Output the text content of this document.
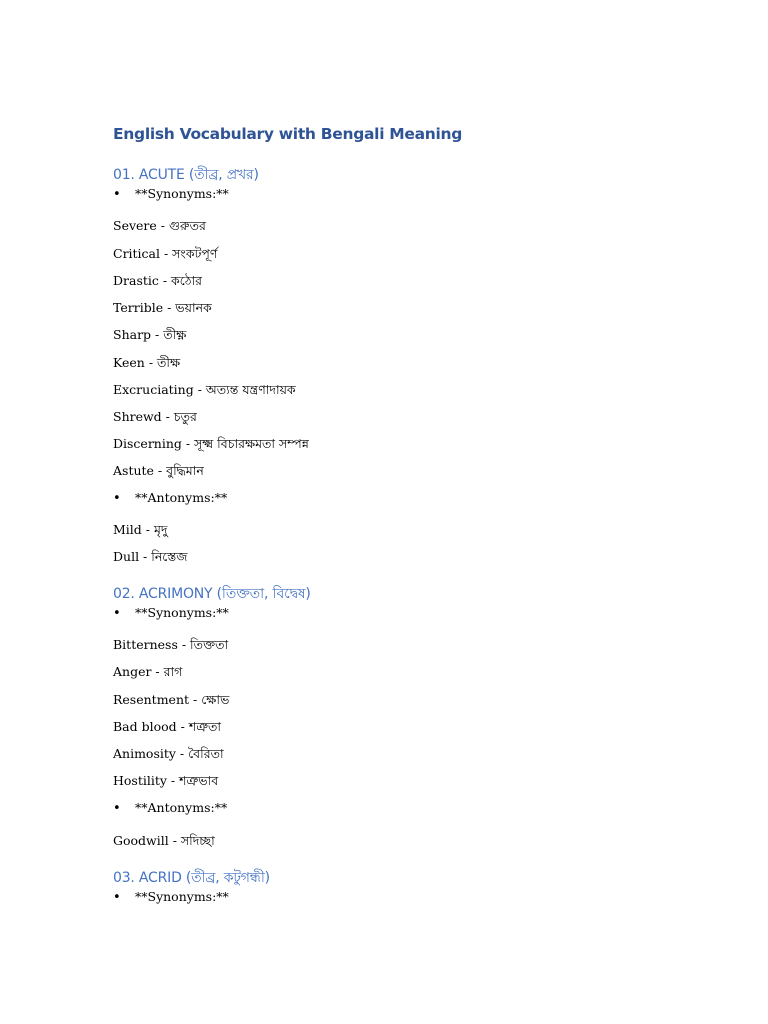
English Vocabulary with Bengali Meaning
01. ACUTE (তীব্র, প্রখর)
• **Synonyms:**
Severe - গুরুতর
Critical - সংকটপূর্ণ
Drastic - কঠোর
Terrible - ভয়ানক
Sharp - তীক্ষ্ণ
Keen - তীক্ষ
Excruciating - অত্যন্ত যন্ত্রণাদায়ক
Shrewd - চতুর
Discerning - সূক্ষ্ম বিচারক্ষমতা সম্পন্ন
Astute - বুদ্ধিমান
• **Antonyms:**
Mild - মৃদু
Dull - নিস্তেজ
02. ACRIMONY (তিক্ততা, বিদ্বেষ)
• **Synonyms:**
Bitterness - তিক্ততা
Anger - রাগ
Resentment - ক্ষোভ
Bad blood - শত্রুতা
Animosity - বৈরিতা
Hostility - শত্রুভাব
• **Antonyms:**
Goodwill - সদিচ্ছা
03. ACRID (তীব্র, কটুগন্ধী)
• **Synonyms:**
